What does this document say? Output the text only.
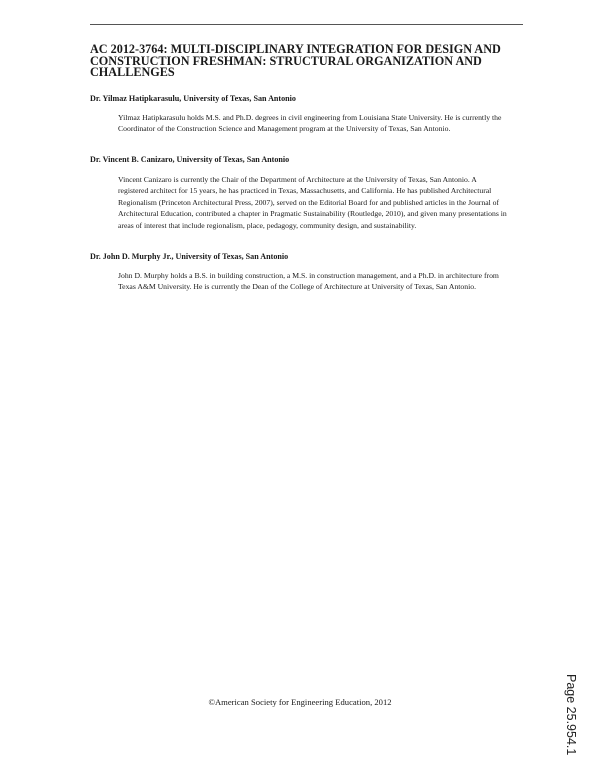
AC 2012-3764: MULTI-DISCIPLINARY INTEGRATION FOR DESIGN AND CONSTRUCTION FRESHMAN: STRUCTURAL ORGANIZATION AND CHALLENGES

Dr. Yilmaz Hatipkarasulu, University of Texas, San Antonio

Yilmaz Hatipkarasulu holds M.S. and Ph.D. degrees in civil engineering from Louisiana State University. He is currently the Coordinator of the Construction Science and Management program at the University of Texas, San Antonio.

Dr. Vincent B. Canizaro, University of Texas, San Antonio

Vincent Canizaro is currently the Chair of the Department of Architecture at the University of Texas, San Antonio. A registered architect for 15 years, he has practiced in Texas, Massachusetts, and California. He has published Architectural Regionalism (Princeton Architectural Press, 2007), served on the Editorial Board for and published articles in the Journal of Architectural Education, contributed a chapter in Pragmatic Sustainability (Routledge, 2010), and given many presentations in areas of interest that include regionalism, place, pedagogy, community design, and sustainability.

Dr. John D. Murphy Jr., University of Texas, San Antonio

John D. Murphy holds a B.S. in building construction, a M.S. in construction management, and a Ph.D. in architecture from Texas A&M University. He is currently the Dean of the College of Architecture at University of Texas, San Antonio.

©American Society for Engineering Education, 2012	Page 25.954.1
